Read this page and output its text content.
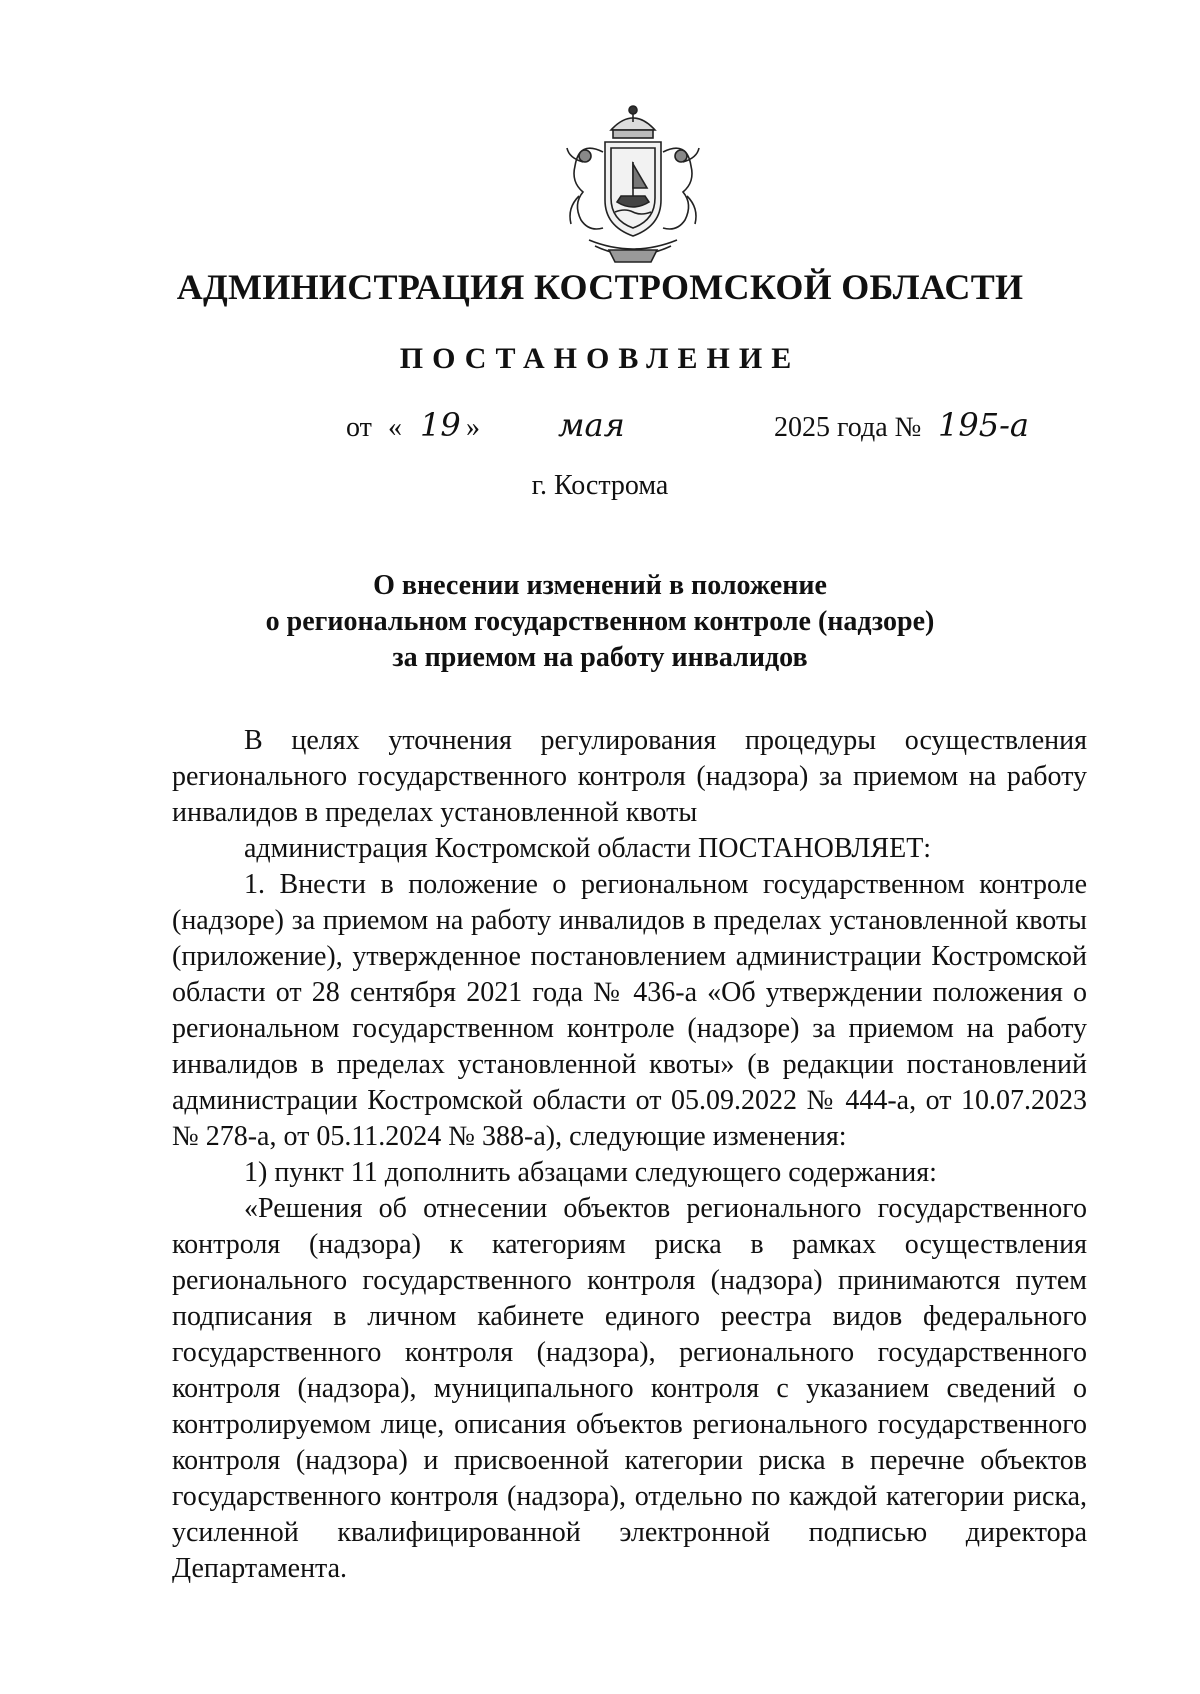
АДМИНИСТРАЦИЯ КОСТРОМСКОЙ ОБЛАСТИ
ПОСТАНОВЛЕНИЕ
от « 19 » мая	2025 года № 195-а

г. Кострома

О внесении изменений в положение
о региональном государственном контроле (надзоре)
за приемом на работу инвалидов

В целях уточнения регулирования процедуры осуществления регионального государственного контроля (надзора) за приемом на работу инвалидов в пределах установленной квоты

администрация Костромской области ПОСТАНОВЛЯЕТ:

1. Внести в положение о региональном государственном контроле (надзоре) за приемом на работу инвалидов в пределах установленной квоты (приложение), утвержденное постановлением администрации Костромской области от 28 сентября 2021 года № 436-а «Об утверждении положения о региональном государственном контроле (надзоре) за приемом на работу инвалидов в пределах установленной квоты» (в редакции постановлений администрации Костромской области от 05.09.2022 № 444-а, от 10.07.2023 № 278-а, от 05.11.2024 № 388-а), следующие изменения:

1) пункт 11 дополнить абзацами следующего содержания:

«Решения об отнесении объектов регионального государственного контроля (надзора) к категориям риска в рамках осуществления регионального государственного контроля (надзора) принимаются путем подписания в личном кабинете единого реестра видов федерального государственного контроля (надзора), регионального государственного контроля (надзора), муниципального контроля с указанием сведений о контролируемом лице, описания объектов регионального государственного контроля (надзора) и присвоенной категории риска в перечне объектов государственного контроля (надзора), отдельно по каждой категории риска, усиленной квалифицированной электронной подписью директора Департамента.
